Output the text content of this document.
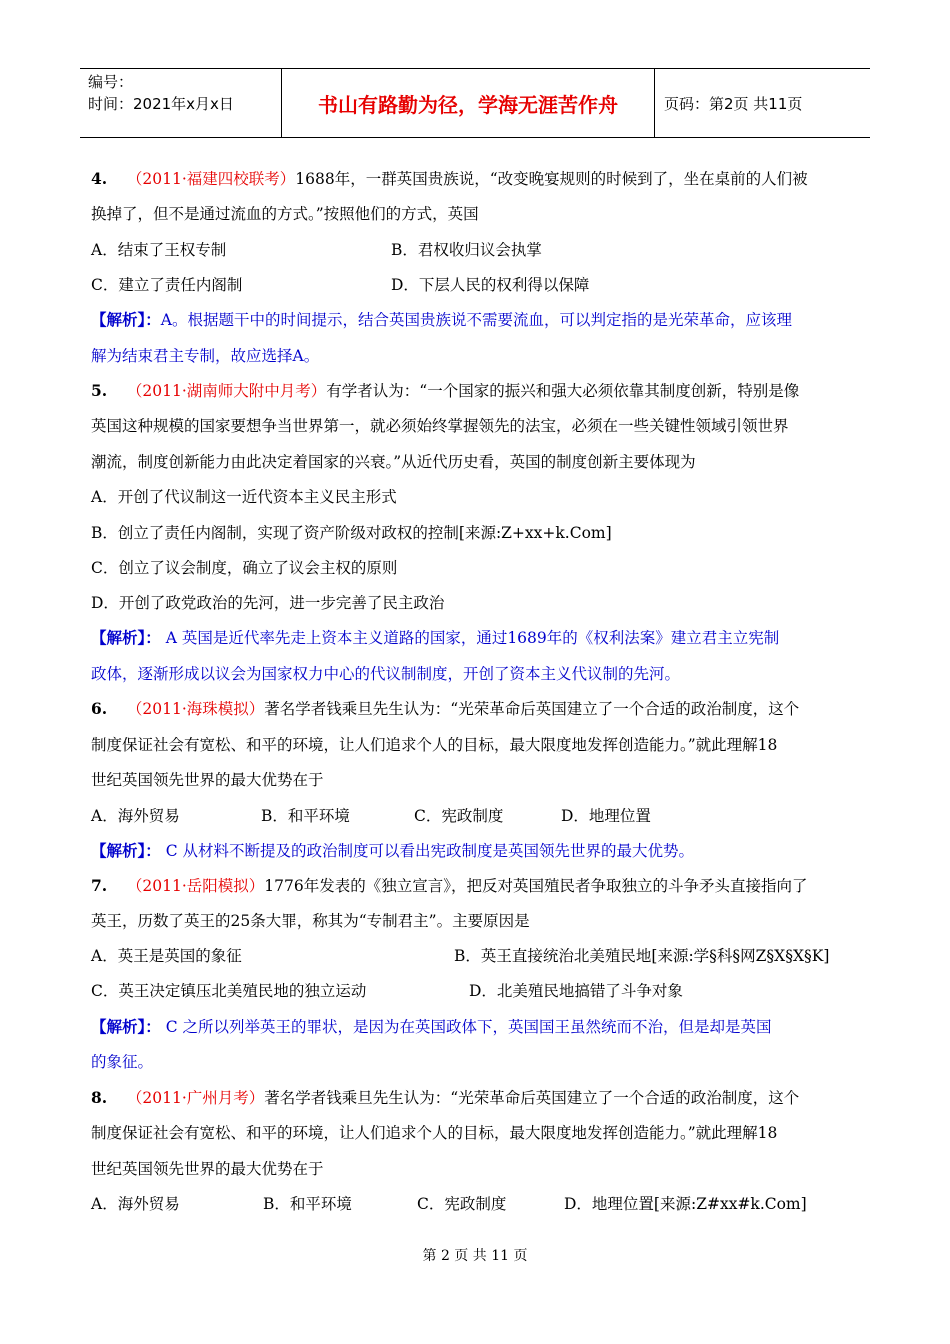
编号：
时间：2021年x月x日	书山有路勤为径，学海无涯苦作舟	页码：第2页 共11页
4. （2011·福建四校联考）1688年，一群英国贵族说，“改变晚宴规则的时候到了，坐在桌前的人们被
换掉了，但不是通过流血的方式。”按照他们的方式，英国
A．结束了王权专制	B．君权收归议会执掌
C．建立了责任内阁制	D．下层人民的权利得以保障
【解析】：A。根据题干中的时间提示，结合英国贵族说不需要流血，可以判定指的是光荣革命，应该理
解为结束君主专制，故应选择A。
5. （2011·湖南师大附中月考）有学者认为：“一个国家的振兴和强大必须依靠其制度创新，特别是像
英国这种规模的国家要想争当世界第一，就必须始终掌握领先的法宝，必须在一些关键性领域引领世界
潮流，制度创新能力由此决定着国家的兴衰。”从近代历史看，英国的制度创新主要体现为
A．开创了代议制这一近代资本主义民主形式
B．创立了责任内阁制，实现了资产阶级对政权的控制[来源:Z+xx+k.Com]
C．创立了议会制度，确立了议会主权的原则
D．开创了政党政治的先河，进一步完善了民主政治
【解析】： A 英国是近代率先走上资本主义道路的国家，通过1689年的《权利法案》建立君主立宪制
政体，逐渐形成以议会为国家权力中心的代议制制度，开创了资本主义代议制的先河。
6. （2011·海珠模拟）著名学者钱乘旦先生认为：“光荣革命后英国建立了一个合适的政治制度，这个
制度保证社会有宽松、和平的环境，让人们追求个人的目标，最大限度地发挥创造能力。”就此理解18
世纪英国领先世界的最大优势在于
A．海外贸易	B．和平环境	C．宪政制度	D．地理位置
【解析】： C 从材料不断提及的政治制度可以看出宪政制度是英国领先世界的最大优势。
7. （2011·岳阳模拟）1776年发表的《独立宣言》，把反对英国殖民者争取独立的斗争矛头直接指向了
英王，历数了英王的25条大罪，称其为“专制君主”。主要原因是
A．英王是英国的象征	B．英王直接统治北美殖民地[来源:学§科§网Z§X§X§K]
C．英王决定镇压北美殖民地的独立运动	D．北美殖民地搞错了斗争对象
【解析】： C 之所以列举英王的罪状，是因为在英国政体下，英国国王虽然统而不治，但是却是英国
的象征。
8. （2011·广州月考）著名学者钱乘旦先生认为：“光荣革命后英国建立了一个合适的政治制度，这个
制度保证社会有宽松、和平的环境，让人们追求个人的目标，最大限度地发挥创造能力。”就此理解18
世纪英国领先世界的最大优势在于
A．海外贸易	B．和平环境	C．宪政制度	D．地理位置[来源:Z#xx#k.Com]
第 2 页 共 11 页
